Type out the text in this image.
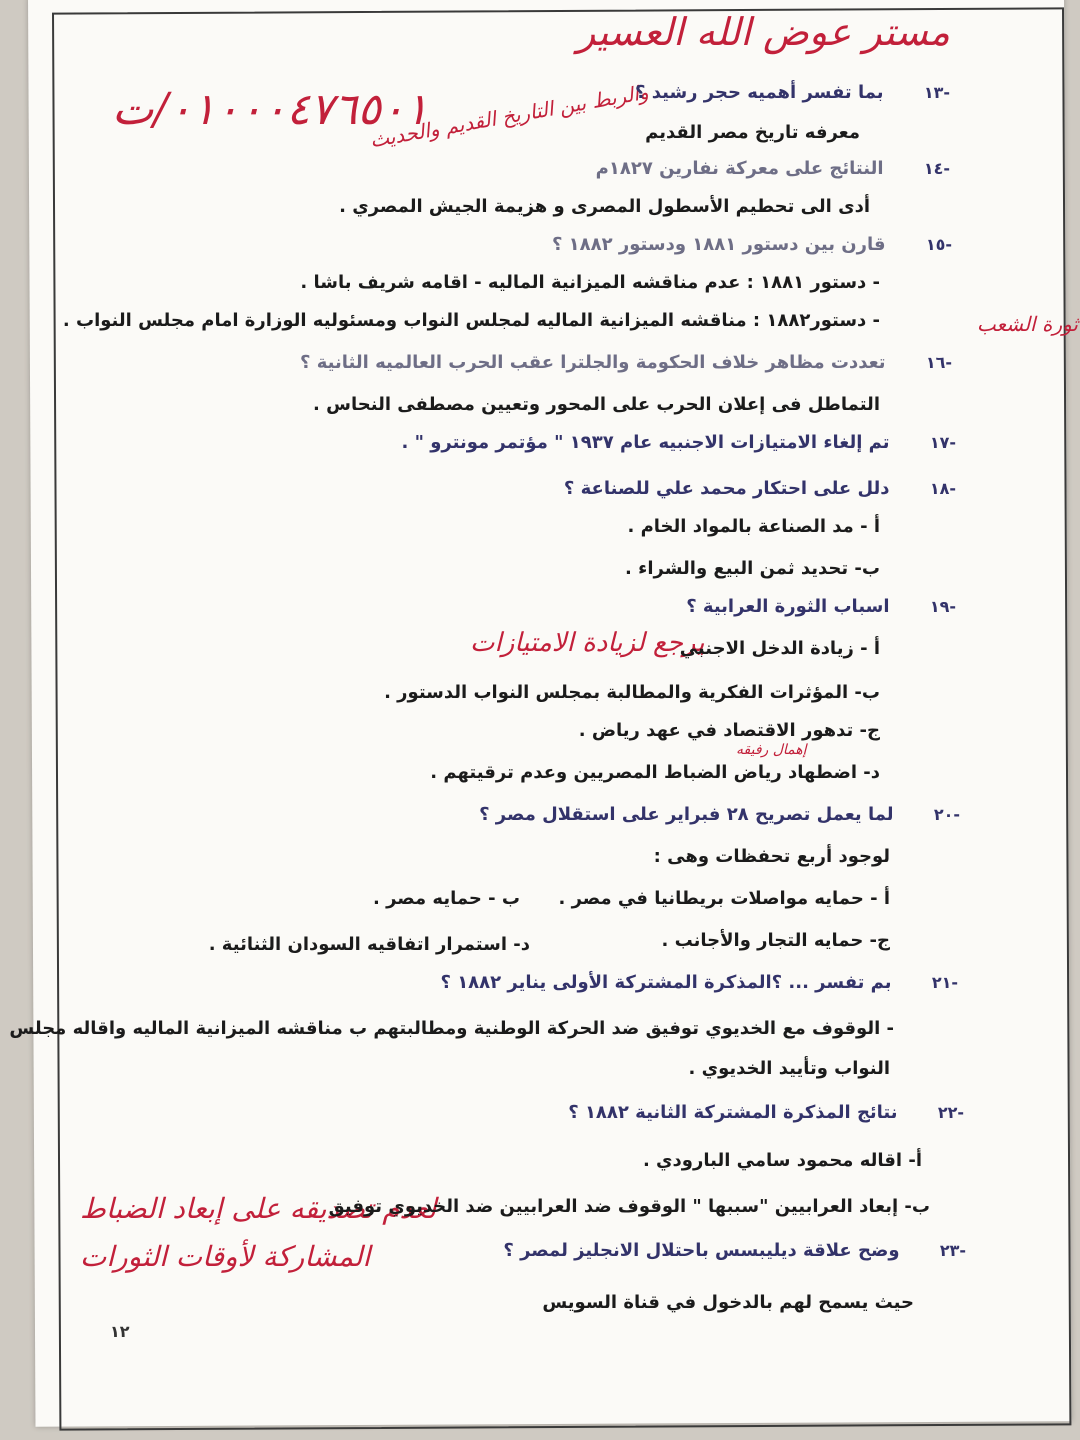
مستر عوض الله العسير
٠١٠٠٠٤٧٦٥٠١/ت
والربط بين التاريخ القديم والحديث
ثورة الشعب
يرجع لزيادة الامتيازات
إهمال رفيقه
لعدم تصديقه على إبعاد الضباط
المشاركة لأوقات الثورات
-١٣ بما تفسر أهميه حجر رشيد ؟
معرفه تاريخ مصر القديم
-١٤ النتائج على معركة نفارين ١٨٢٧م
أدى الى تحطيم الأسطول المصرى و هزيمة الجيش المصري .
-١٥ قارن بين دستور ١٨٨١ ودستور ١٨٨٢ ؟
- دستور ١٨٨١ : عدم مناقشه الميزانية الماليه - اقامه شريف باشا .
- دستور١٨٨٢ : مناقشه الميزانية الماليه لمجلس النواب ومسئوليه الوزارة امام مجلس النواب .
-١٦ تعددت مظاهر خلاف الحكومة والجلترا عقب الحرب العالميه الثانية ؟
التماطل فى إعلان الحرب على المحور وتعيين مصطفى النحاس .
-١٧ تم إلغاء الامتيازات الاجنبيه عام ١٩٣٧ " مؤتمر مونترو " .
-١٨ دلل على احتكار محمد علي للصناعة ؟
أ - مد الصناعة بالمواد الخام .
ب- تحديد ثمن البيع والشراء .
-١٩ اسباب الثورة العرابية ؟
أ - زيادة الدخل الاجنبي
ب- المؤثرات الفكرية والمطالبة بمجلس النواب الدستور .
ج- تدهور الاقتصاد في عهد رياض .
د- اضطهاد رياض الضباط المصريين وعدم ترقيتهم .
-٢٠ لما يعمل تصريح ٢٨ فبراير على استقلال مصر ؟
لوجود أربع تحفظات وهى :
أ - حمايه مواصلات بريطانيا في مصر .
ب - حمايه مصر .
ج- حمايه التجار والأجانب .
د- استمرار اتفاقيه السودان الثنائية .
-٢١ بم تفسر ... ؟المذكرة المشتركة الأولى يناير ١٨٨٢ ؟
- الوقوف مع الخديوي توفيق ضد الحركة الوطنية ومطالبتهم ب مناقشه الميزانية الماليه واقاله مجلس
النواب وتأييد الخديوي .
-٢٢ نتائج المذكرة المشتركة الثانية ١٨٨٢ ؟
أ- اقاله محمود سامي البارودي .
ب- إبعاد العرابيين "سببها " الوقوف ضد العرابيين ضد الخديوي توفيق
-٢٣ وضح علاقة ديليبسس باحتلال الانجليز لمصر ؟
حيث يسمح لهم بالدخول في قناة السويس
١٢
